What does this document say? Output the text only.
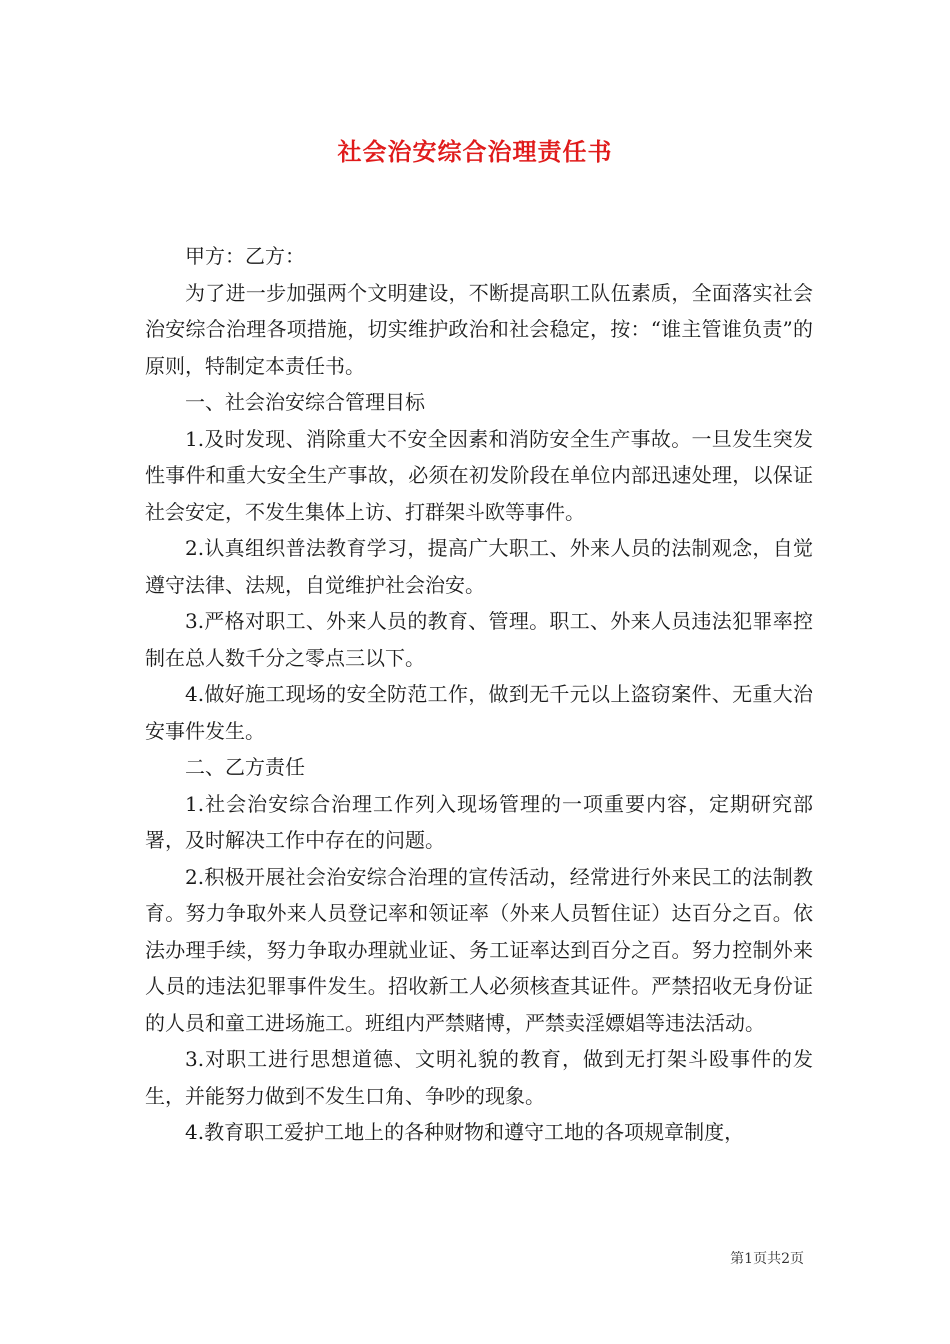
社会治安综合治理责任书

甲方：乙方：

为了进一步加强两个文明建设，不断提高职工队伍素质，全面落实社会治安综合治理各项措施，切实维护政治和社会稳定，按：“谁主管谁负责”的原则，特制定本责任书。

一、社会治安综合管理目标

1.及时发现、消除重大不安全因素和消防安全生产事故。一旦发生突发性事件和重大安全生产事故，必须在初发阶段在单位内部迅速处理，以保证社会安定，不发生集体上访、打群架斗欧等事件。

2.认真组织普法教育学习，提高广大职工、外来人员的法制观念，自觉遵守法律、法规，自觉维护社会治安。

3.严格对职工、外来人员的教育、管理。职工、外来人员违法犯罪率控制在总人数千分之零点三以下。

4.做好施工现场的安全防范工作，做到无千元以上盗窃案件、无重大治安事件发生。

二、乙方责任

1.社会治安综合治理工作列入现场管理的一项重要内容，定期研究部署，及时解决工作中存在的问题。

2.积极开展社会治安综合治理的宣传活动，经常进行外来民工的法制教育。努力争取外来人员登记率和领证率（外来人员暂住证）达百分之百。依法办理手续，努力争取办理就业证、务工证率达到百分之百。努力控制外来人员的违法犯罪事件发生。招收新工人必须核查其证件。严禁招收无身份证的人员和童工进场施工。班组内严禁赌博，严禁卖淫嫖娼等违法活动。

3.对职工进行思想道德、文明礼貌的教育，做到无打架斗殴事件的发生，并能努力做到不发生口角、争吵的现象。

4.教育职工爱护工地上的各种财物和遵守工地的各项规章制度，

第1页共2页
